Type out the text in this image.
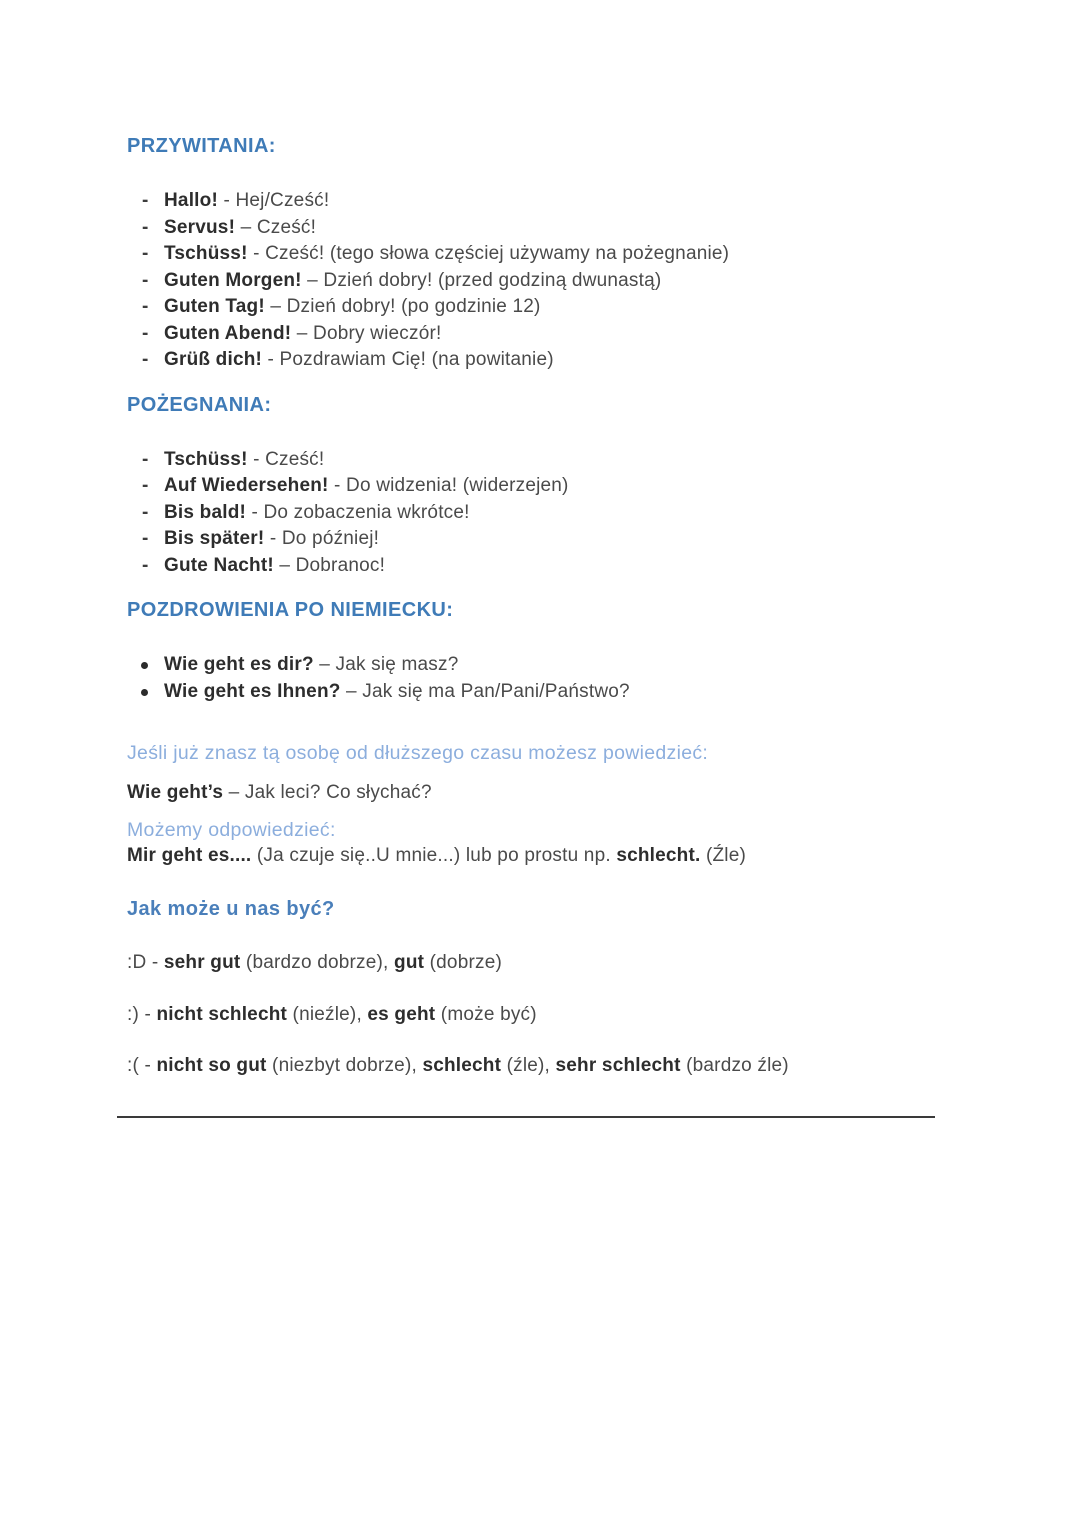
PRZYWITANIA:
- Hallo! - Hej/Cześć!
- Servus! – Cześć!
- Tschüss! - Cześć! (tego słowa częściej używamy na pożegnanie)
- Guten Morgen! – Dzień dobry! (przed godziną dwunastą)
- Guten Tag! – Dzień dobry! (po godzinie 12)
- Guten Abend! – Dobry wieczór!
- Grüß dich! - Pozdrawiam Cię! (na powitanie)
POŻEGNANIA:
- Tschüss! - Cześć!
- Auf Wiedersehen! - Do widzenia! (widerzejen)
- Bis bald! - Do zobaczenia wkrótce!
- Bis später! - Do później!
- Gute Nacht! – Dobranoc!
POZDROWIENIA PO NIEMIECKU:
Wie geht es dir? – Jak się masz?
Wie geht es Ihnen? – Jak się ma Pan/Pani/Państwo?

Jeśli już znasz tą osobę od dłuższego czasu możesz powiedzieć:

Wie geht’s – Jak leci? Co słychać?

Możemy odpowiedzieć:

Mir geht es.... (Ja czuje się..U mnie...) lub po prostu np. schlecht. (Źle)

Jak może u nas być?

:D - sehr gut (bardzo dobrze), gut (dobrze)

:) - nicht schlecht (nieźle), es geht (może być)

:( - nicht so gut (niezbyt dobrze), schlecht (źle), sehr schlecht (bardzo źle)
